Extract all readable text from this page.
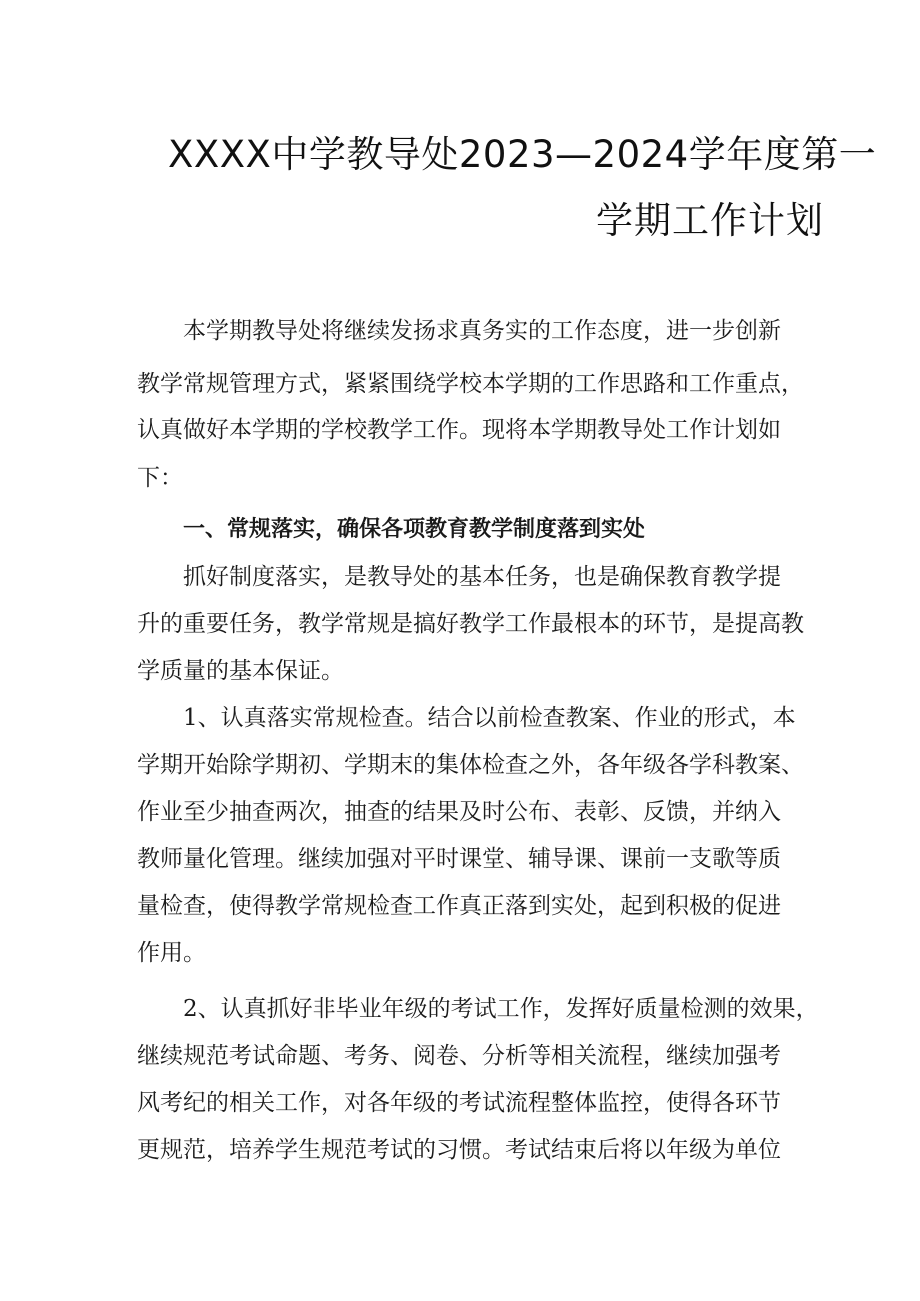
XXXX中学教导处2023—2024学年度第一
学期工作计划
本学期教导处将继续发扬求真务实的工作态度，进一步创新
教学常规管理方式，紧紧围绕学校本学期的工作思路和工作重点，
认真做好本学期的学校教学工作。现将本学期教导处工作计划如
下：
一、常规落实，确保各项教育教学制度落到实处
抓好制度落实，是教导处的基本任务，也是确保教育教学提
升的重要任务，教学常规是搞好教学工作最根本的环节，是提高教
学质量的基本保证。
1、认真落实常规检查。结合以前检查教案、作业的形式，本
学期开始除学期初、学期末的集体检查之外，各年级各学科教案、
作业至少抽查两次，抽查的结果及时公布、表彰、反馈，并纳入
教师量化管理。继续加强对平时课堂、辅导课、课前一支歌等质
量检查，使得教学常规检查工作真正落到实处，起到积极的促进
作用。
2、认真抓好非毕业年级的考试工作，发挥好质量检测的效果，
继续规范考试命题、考务、阅卷、分析等相关流程，继续加强考
风考纪的相关工作，对各年级的考试流程整体监控，使得各环节
更规范，培养学生规范考试的习惯。考试结束后将以年级为单位
